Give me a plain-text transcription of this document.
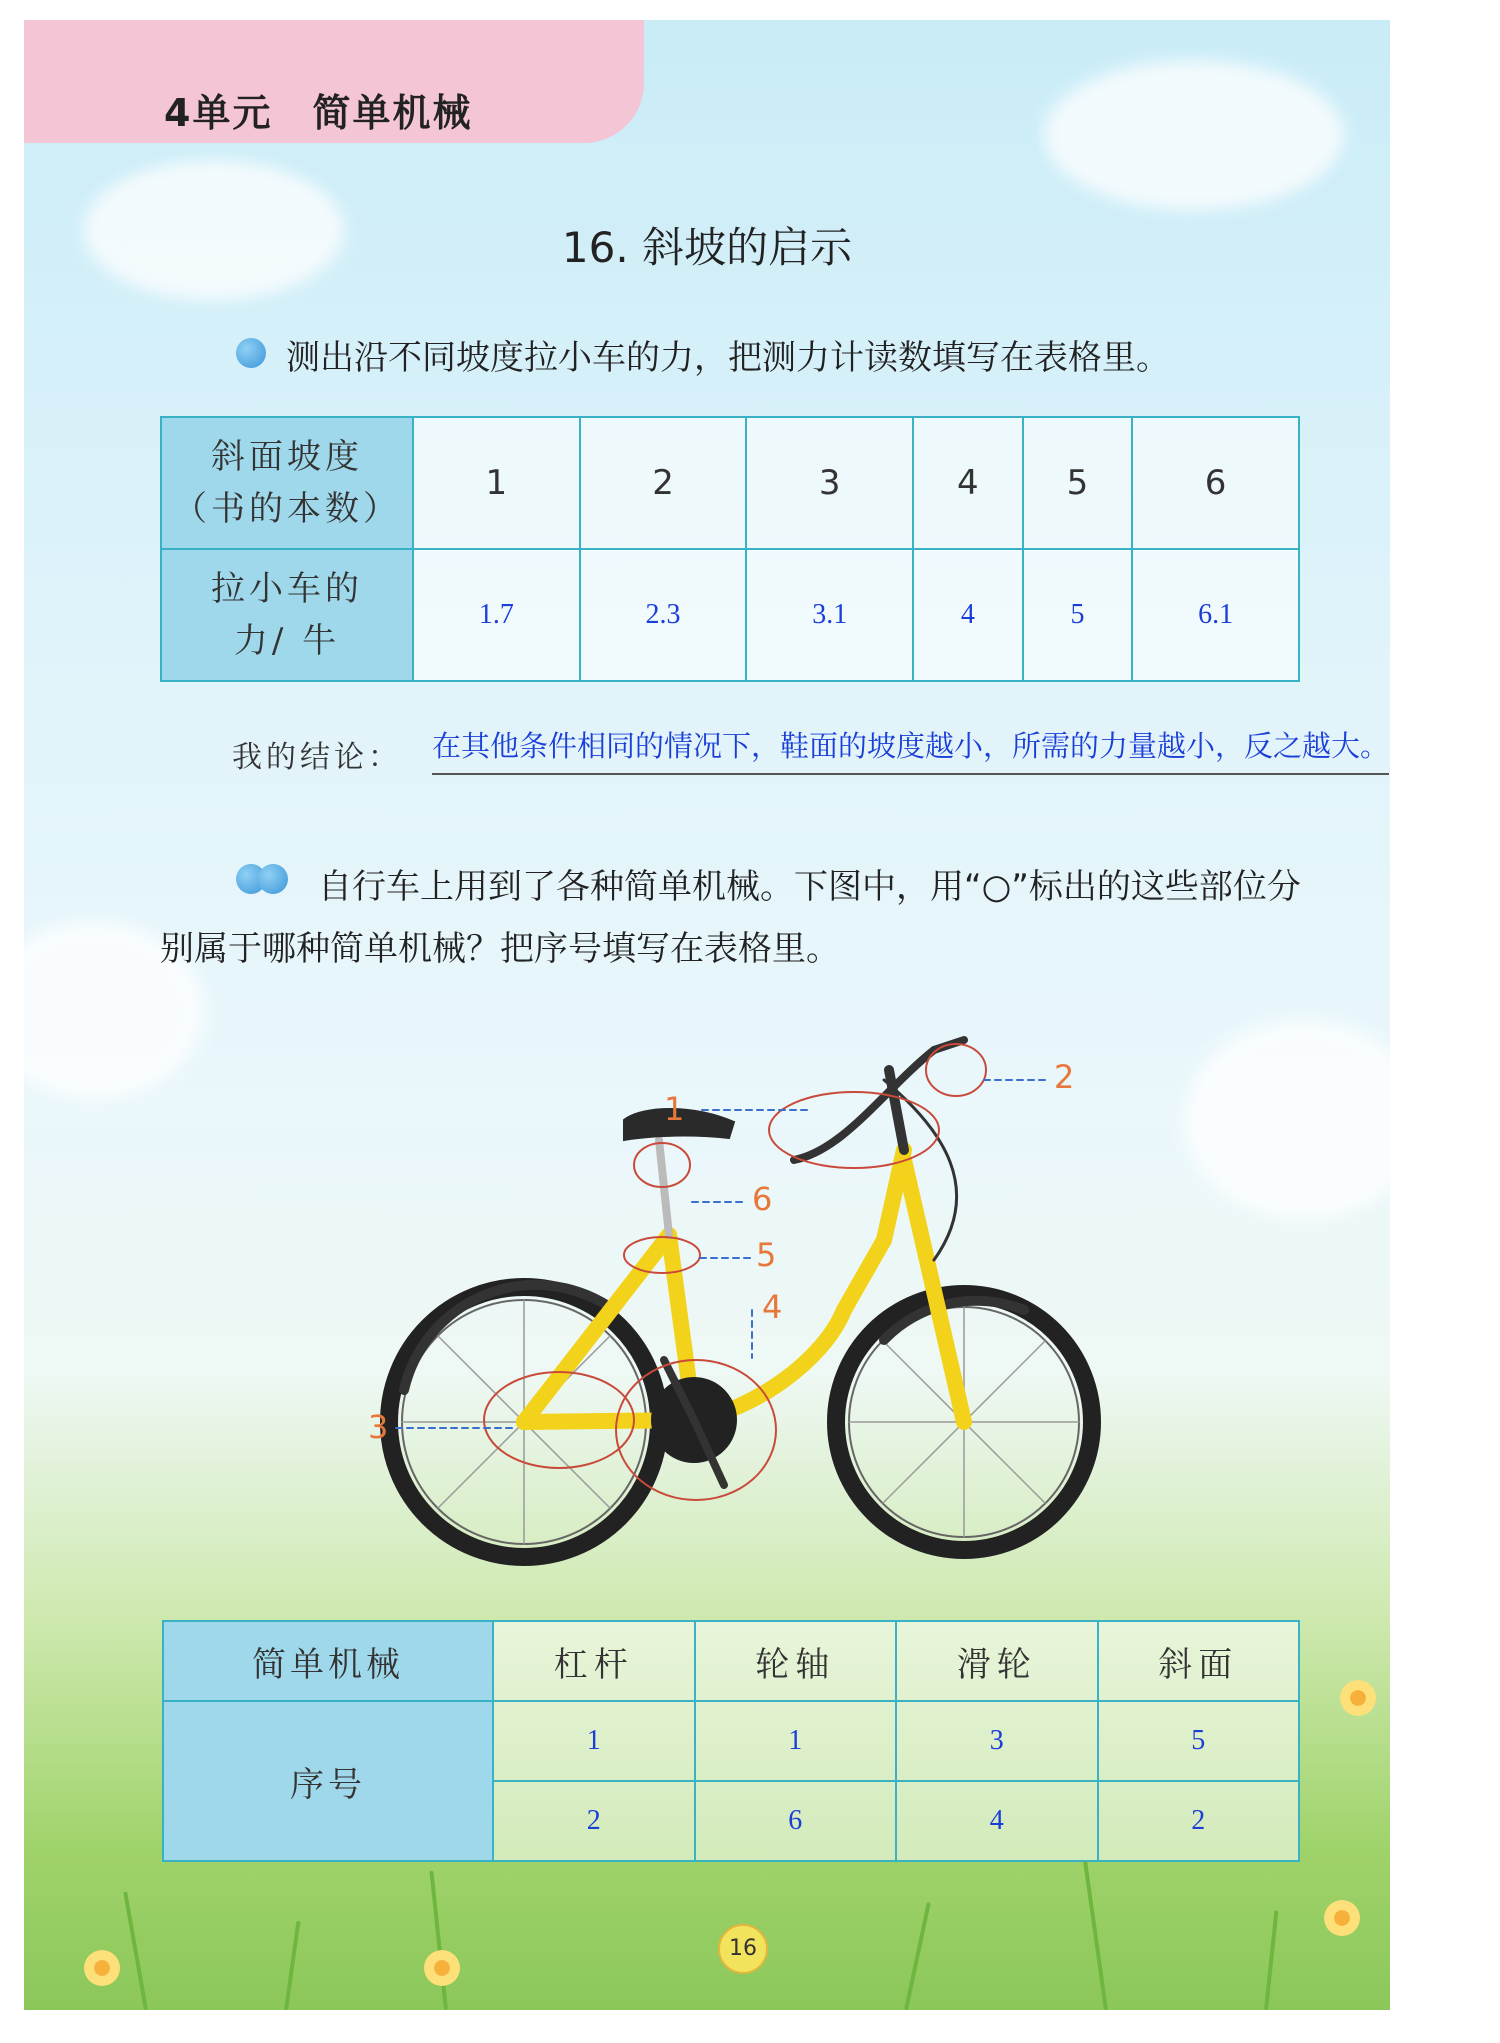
4单元　简单机械
16. 斜坡的启示
测出沿不同坡度拉小车的力，把测力计读数填写在表格里。
斜面坡度
（书的本数）	1	2	3	4	5	6

拉小车的
力/ 牛	1.7	2.3	3.1	4	5	6.1
我的结论： 在其他条件相同的情况下，鞋面的坡度越小，所需的力量越小，反之越大。
自行车上用到了各种简单机械。下图中，用“○”标出的这些部位分别属于哪种简单机械？把序号填写在表格里。
1
2
3
4
5
6
简单机械	杠杆	轮轴	滑轮	斜面
序号	1	1	3	5
	2	6	4	2
16
